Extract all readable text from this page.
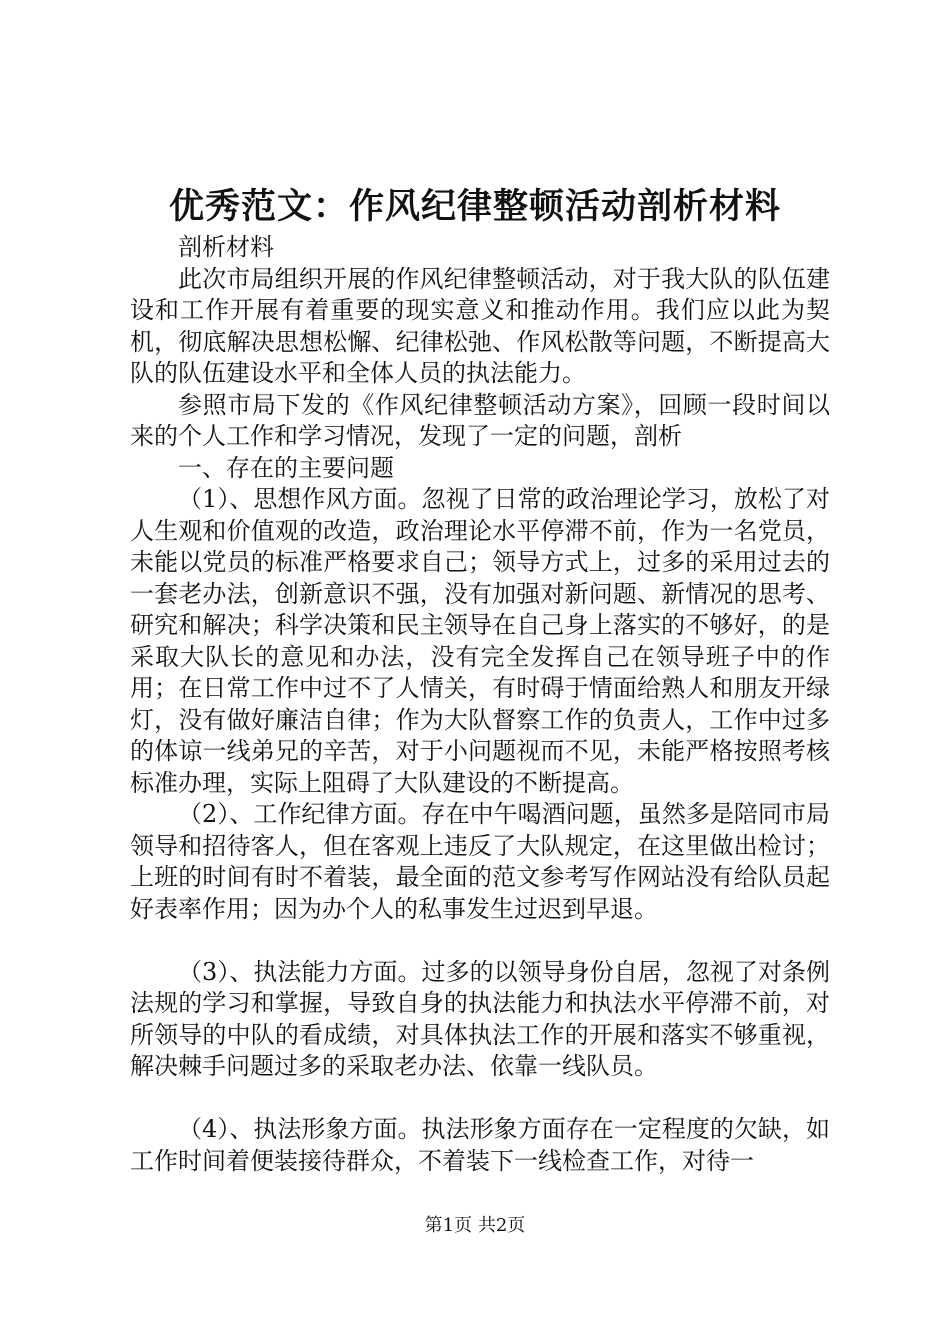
优秀范文：作风纪律整顿活动剖析材料

剖析材料

此次市局组织开展的作风纪律整顿活动，对于我大队的队伍建设和工作开展有着重要的现实意义和推动作用。我们应以此为契机，彻底解决思想松懈、纪律松弛、作风松散等问题，不断提高大队的队伍建设水平和全体人员的执法能力。

参照市局下发的《作风纪律整顿活动方案》，回顾一段时间以来的个人工作和学习情况，发现了一定的问题，剖析

一、存在的主要问题

（1）、思想作风方面。忽视了日常的政治理论学习，放松了对人生观和价值观的改造，政治理论水平停滞不前，作为一名党员，未能以党员的标准严格要求自己；领导方式上，过多的采用过去的一套老办法，创新意识不强，没有加强对新问题、新情况的思考、研究和解决；科学决策和民主领导在自己身上落实的不够好，的是采取大队长的意见和办法，没有完全发挥自己在领导班子中的作用；在日常工作中过不了人情关，有时碍于情面给熟人和朋友开绿灯，没有做好廉洁自律；作为大队督察工作的负责人，工作中过多的体谅一线弟兄的辛苦，对于小问题视而不见，未能严格按照考核标准办理，实际上阻碍了大队建设的不断提高。

（2）、工作纪律方面。存在中午喝酒问题，虽然多是陪同市局领导和招待客人，但在客观上违反了大队规定，在这里做出检讨；上班的时间有时不着装，最全面的范文参考写作网站没有给队员起好表率作用；因为办个人的私事发生过迟到早退。

（3）、执法能力方面。过多的以领导身份自居，忽视了对条例法规的学习和掌握，导致自身的执法能力和执法水平停滞不前，对所领导的中队的看成绩，对具体执法工作的开展和落实不够重视，解决棘手问题过多的采取老办法、依靠一线队员。

（4）、执法形象方面。执法形象方面存在一定程度的欠缺，如工作时间着便装接待群众，不着装下一线检查工作，对待一

第1页 共2页
